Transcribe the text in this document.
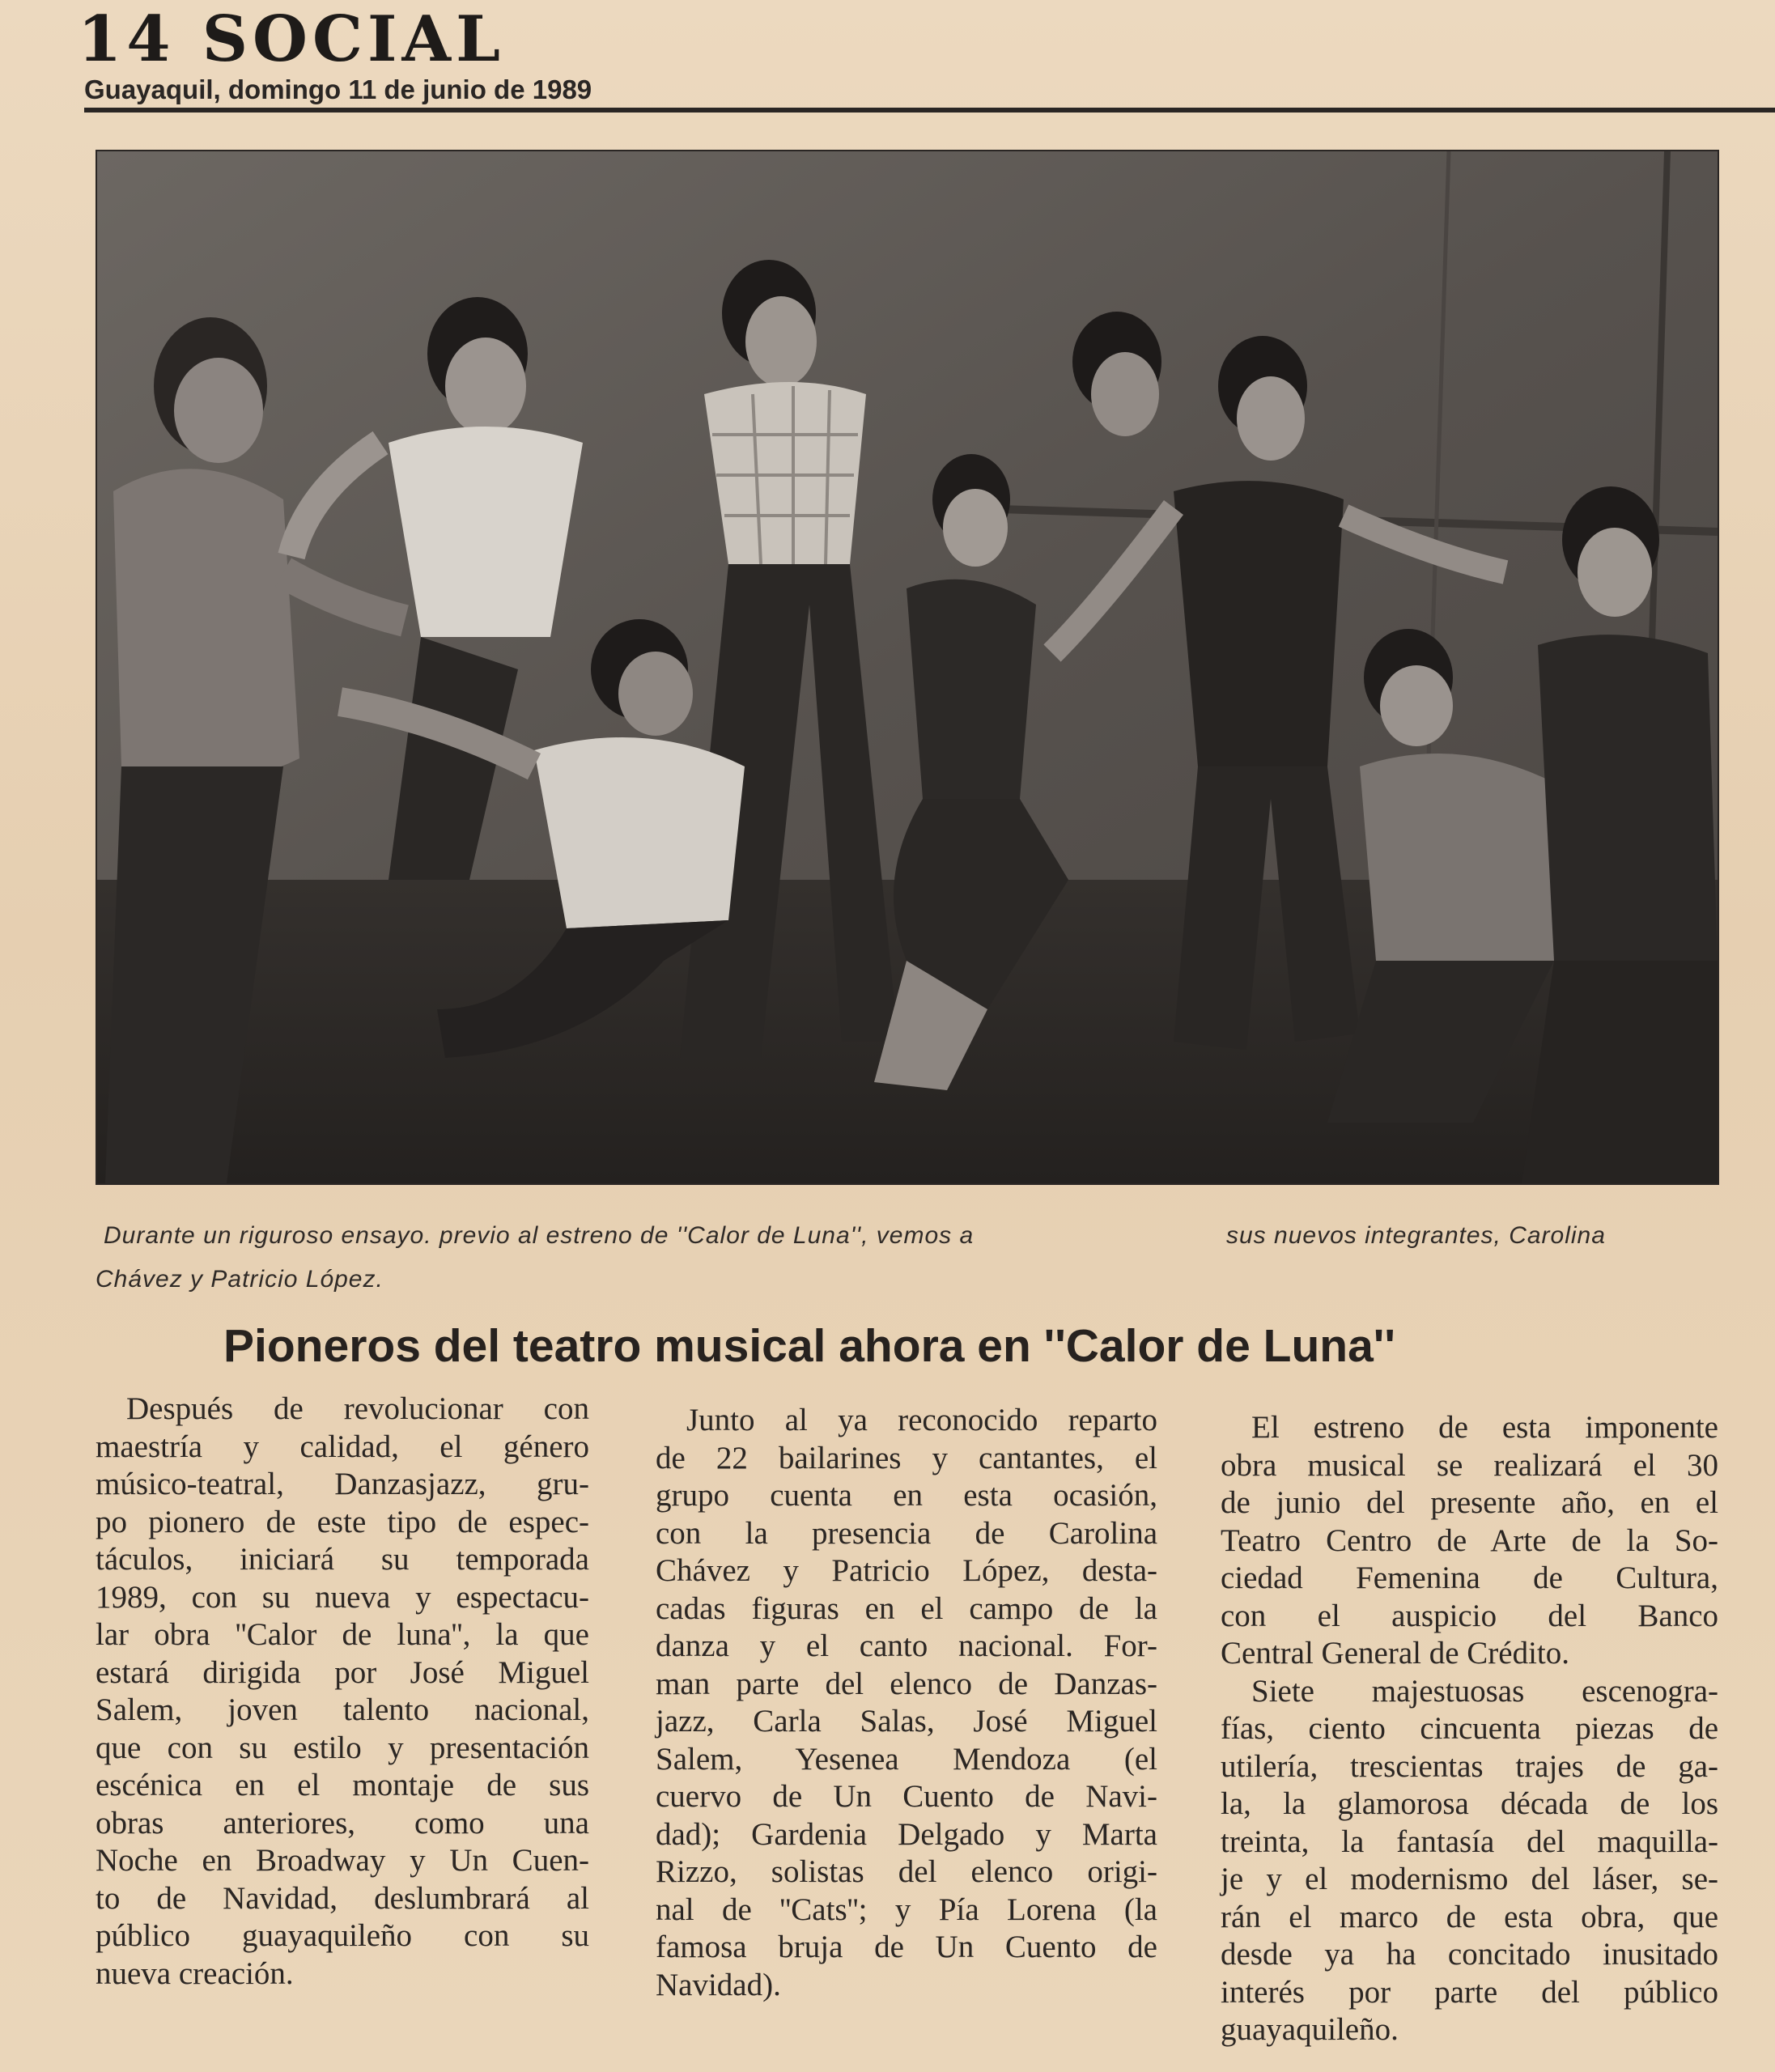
14 SOCIAL
Guayaquil, domingo 11 de junio de 1989
Durante un riguroso ensayo. previo al estreno de ''Calor de Luna'', vemos a	sus nuevos integrantes, Carolina
Chávez y Patricio López.
Pioneros del teatro musical ahora en ''Calor de Luna''
Después de revolucionar con
maestría y calidad, el género
músico-teatral, Danzasjazz, gru-
po pionero de este tipo de espec-
táculos, iniciará su temporada
1989, con su nueva y espectacu-
lar obra ''Calor de luna'', la que
estará dirigida por José Miguel
Salem, joven talento nacional,
que con su estilo y presentación
escénica en el montaje de sus
obras anteriores, como una
Noche en Broadway y Un Cuen-
to de Navidad, deslumbrará al
público guayaquileño con su
nueva creación.
Junto al ya reconocido reparto
de 22 bailarines y cantantes, el
grupo cuenta en esta ocasión,
con la presencia de Carolina
Chávez y Patricio López, desta-
cadas figuras en el campo de la
danza y el canto nacional. For-
man parte del elenco de Danzas-
jazz, Carla Salas, José Miguel
Salem, Yesenea Mendoza (el
cuervo de Un Cuento de Navi-
dad); Gardenia Delgado y Marta
Rizzo, solistas del elenco origi-
nal de ''Cats''; y Pía Lorena (la
famosa bruja de Un Cuento de
Navidad).
El estreno de esta imponente
obra musical se realizará el 30
de junio del presente año, en el
Teatro Centro de Arte de la So-
ciedad Femenina de Cultura,
con el auspicio del Banco
Central General de Crédito.
Siete majestuosas escenogra-
fías, ciento cincuenta piezas de
utilería, trescientas trajes de ga-
la, la glamorosa década de los
treinta, la fantasía del maquilla-
je y el modernismo del láser, se-
rán el marco de esta obra, que
desde ya ha concitado inusitado
interés por parte del público
guayaquileño.
